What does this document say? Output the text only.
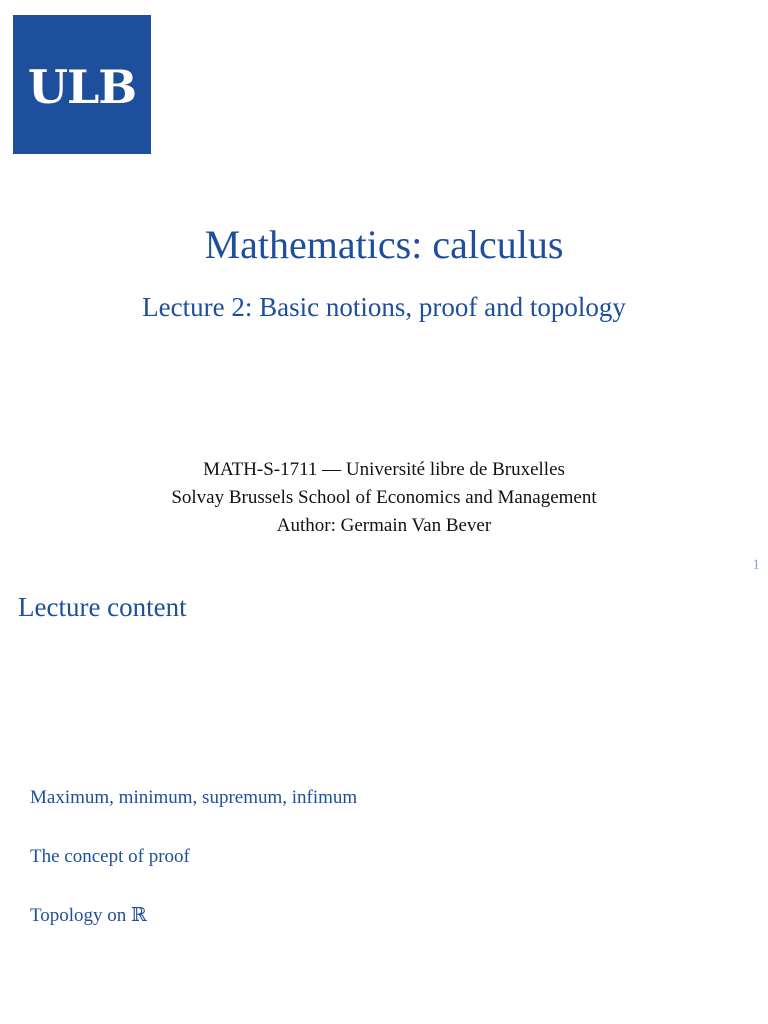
ULB
Mathematics: calculus
Lecture 2: Basic notions, proof and topology
MATH-S-1711 — Université libre de Bruxelles
Solvay Brussels School of Economics and Management
Author: Germain Van Bever
1
Lecture content
Maximum, minimum, supremum, infimum
The concept of proof
Topology on ℝ
